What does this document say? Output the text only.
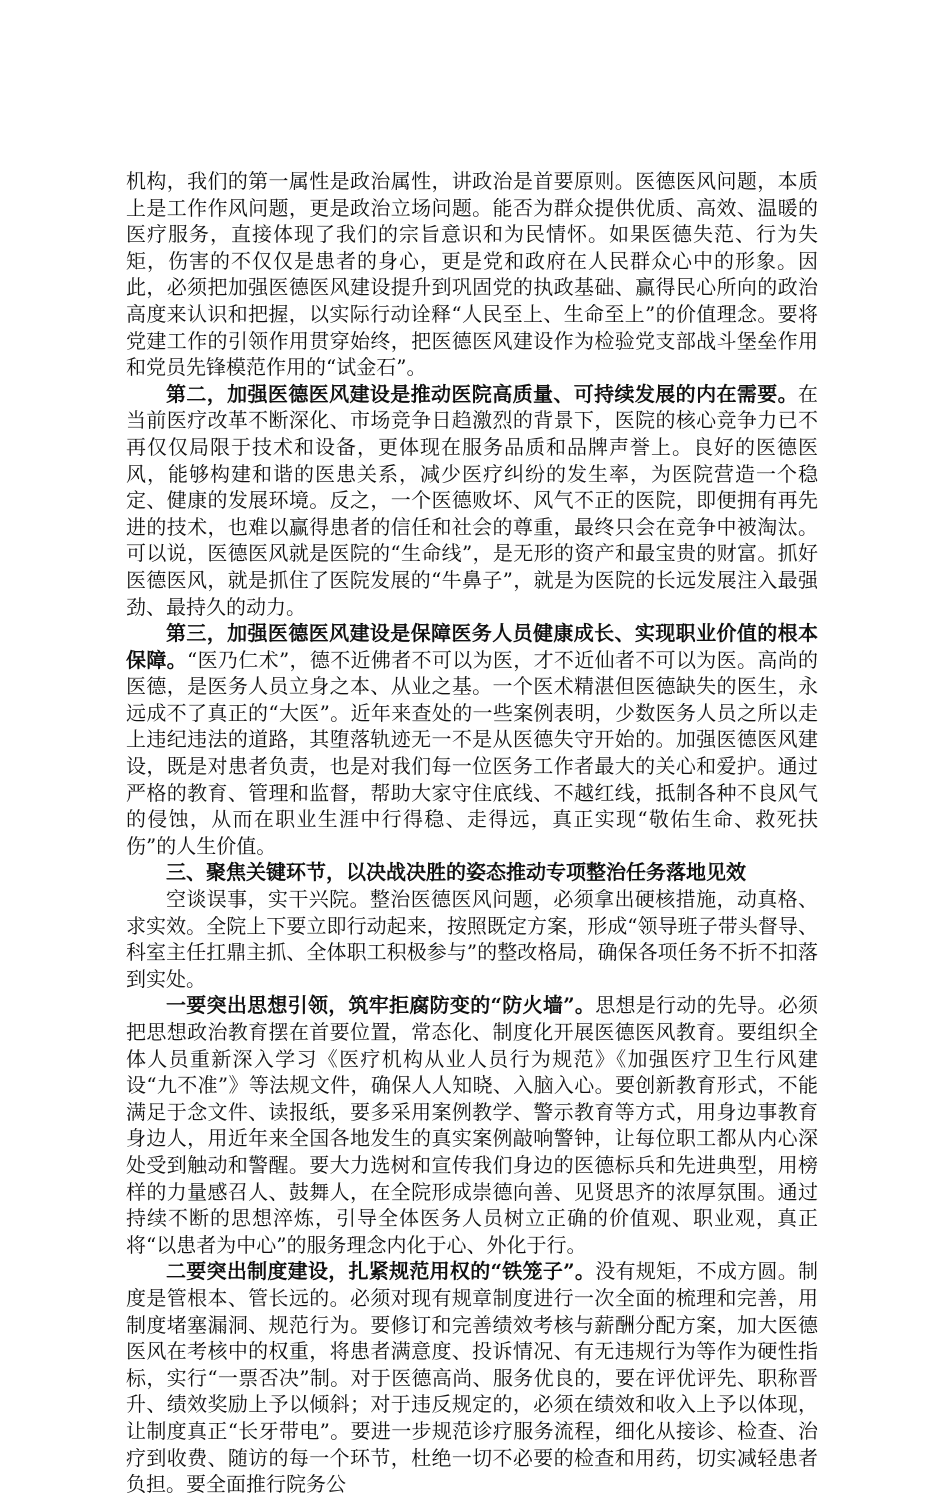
机构，我们的第一属性是政治属性，讲政治是首要原则。医德医风问题，本质上是工作作风问题，更是政治立场问题。能否为群众提供优质、高效、温暖的医疗服务，直接体现了我们的宗旨意识和为民情怀。如果医德失范、行为失矩，伤害的不仅仅是患者的身心，更是党和政府在人民群众心中的形象。因此，必须把加强医德医风建设提升到巩固党的执政基础、赢得民心所向的政治高度来认识和把握，以实际行动诠释“人民至上、生命至上”的价值理念。要将党建工作的引领作用贯穿始终，把医德医风建设作为检验党支部战斗堡垒作用和党员先锋模范作用的“试金石”。

第二，加强医德医风建设是推动医院高质量、可持续发展的内在需要。在当前医疗改革不断深化、市场竞争日趋激烈的背景下，医院的核心竞争力已不再仅仅局限于技术和设备，更体现在服务品质和品牌声誉上。良好的医德医风，能够构建和谐的医患关系，减少医疗纠纷的发生率，为医院营造一个稳定、健康的发展环境。反之，一个医德败坏、风气不正的医院，即便拥有再先进的技术，也难以赢得患者的信任和社会的尊重，最终只会在竞争中被淘汰。可以说，医德医风就是医院的“生命线”，是无形的资产和最宝贵的财富。抓好医德医风，就是抓住了医院发展的“牛鼻子”，就是为医院的长远发展注入最强劲、最持久的动力。

第三，加强医德医风建设是保障医务人员健康成长、实现职业价值的根本保障。“医乃仁术”，德不近佛者不可以为医，才不近仙者不可以为医。高尚的医德，是医务人员立身之本、从业之基。一个医术精湛但医德缺失的医生，永远成不了真正的“大医”。近年来查处的一些案例表明，少数医务人员之所以走上违纪违法的道路，其堕落轨迹无一不是从医德失守开始的。加强医德医风建设，既是对患者负责，也是对我们每一位医务工作者最大的关心和爱护。通过严格的教育、管理和监督，帮助大家守住底线、不越红线，抵制各种不良风气的侵蚀，从而在职业生涯中行得稳、走得远，真正实现“敬佑生命、救死扶伤”的人生价值。

三、聚焦关键环节，以决战决胜的姿态推动专项整治任务落地见效

空谈误事，实干兴院。整治医德医风问题，必须拿出硬核措施，动真格、求实效。全院上下要立即行动起来，按照既定方案，形成“领导班子带头督导、科室主任扛鼎主抓、全体职工积极参与”的整改格局，确保各项任务不折不扣落到实处。

一要突出思想引领，筑牢拒腐防变的“防火墙”。思想是行动的先导。必须把思想政治教育摆在首要位置，常态化、制度化开展医德医风教育。要组织全体人员重新深入学习《医疗机构从业人员行为规范》《加强医疗卫生行风建设“九不准”》等法规文件，确保人人知晓、入脑入心。要创新教育形式，不能满足于念文件、读报纸，要多采用案例教学、警示教育等方式，用身边事教育身边人，用近年来全国各地发生的真实案例敲响警钟，让每位职工都从内心深处受到触动和警醒。要大力选树和宣传我们身边的医德标兵和先进典型，用榜样的力量感召人、鼓舞人，在全院形成崇德向善、见贤思齐的浓厚氛围。通过持续不断的思想淬炼，引导全体医务人员树立正确的价值观、职业观，真正将“以患者为中心”的服务理念内化于心、外化于行。

二要突出制度建设，扎紧规范用权的“铁笼子”。没有规矩，不成方圆。制度是管根本、管长远的。必须对现有规章制度进行一次全面的梳理和完善，用制度堵塞漏洞、规范行为。要修订和完善绩效考核与薪酬分配方案，加大医德医风在考核中的权重，将患者满意度、投诉情况、有无违规行为等作为硬性指标，实行“一票否决”制。对于医德高尚、服务优良的，要在评优评先、职称晋升、绩效奖励上予以倾斜；对于违反规定的，必须在绩效和收入上予以体现，让制度真正“长牙带电”。要进一步规范诊疗服务流程，细化从接诊、检查、治疗到收费、随访的每一个环节，杜绝一切不必要的检查和用药，切实减轻患者负担。要全面推行院务公
